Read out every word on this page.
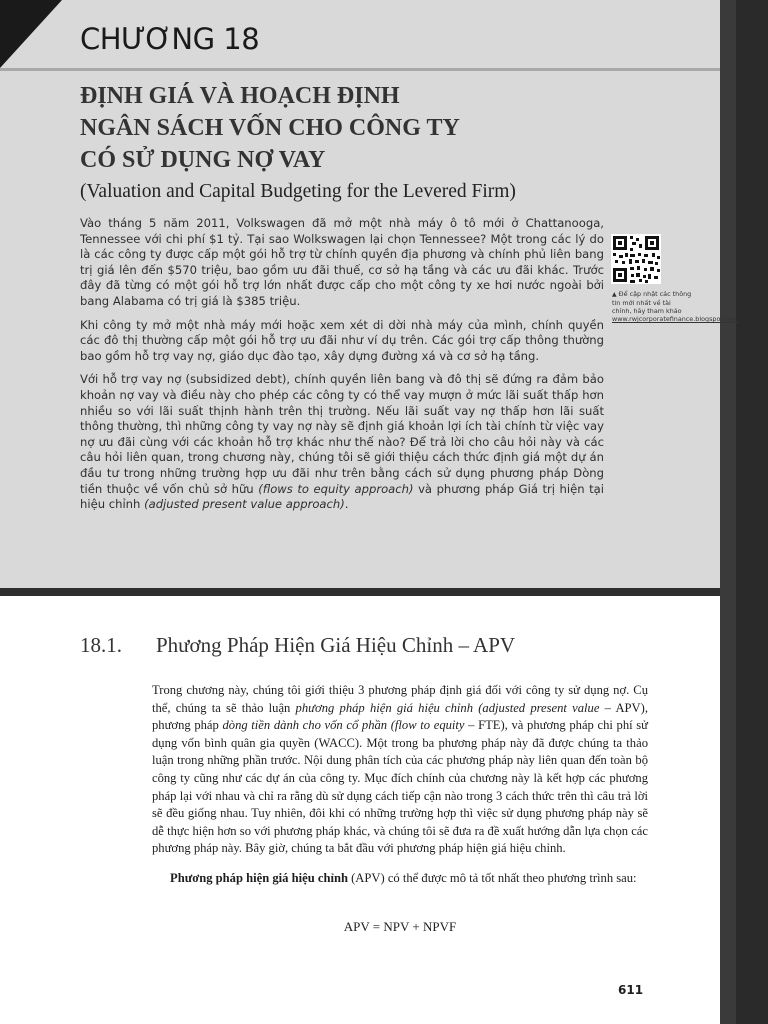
CHƯƠNG 18
ĐỊNH GIÁ VÀ HOẠCH ĐỊNH
NGÂN SÁCH VỐN CHO CÔNG TY
CÓ SỬ DỤNG NỢ VAY
(Valuation and Capital Budgeting for the Levered Firm)

Vào tháng 5 năm 2011, Volkswagen đã mở một nhà máy ô tô mới ở Chattanooga, Tennessee với chi phí $1 tỷ. Tại sao Wolkswagen lại chọn Tennessee? Một trong các lý do là các công ty được cấp một gói hỗ trợ từ chính quyền địa phương và chính phủ liên bang trị giá lên đến $570 triệu, bao gồm ưu đãi thuế, cơ sở hạ tầng và các ưu đãi khác. Trước đây đã từng có một gói hỗ trợ lớn nhất được cấp cho một công ty xe hơi nước ngoài bởi bang Alabama có trị giá là $385 triệu.

Khi công ty mở một nhà máy mới hoặc xem xét di dời nhà máy của mình, chính quyền các đô thị thường cấp một gói hỗ trợ ưu đãi như ví dụ trên. Các gói trợ cấp thông thường bao gồm hỗ trợ vay nợ, giáo dục đào tạo, xây dựng đường xá và cơ sở hạ tầng.

Với hỗ trợ vay nợ (subsidized debt), chính quyền liên bang và đô thị sẽ đứng ra đảm bảo khoản nợ vay và điều này cho phép các công ty có thể vay mượn ở mức lãi suất thấp hơn nhiều so với lãi suất thịnh hành trên thị trường. Nếu lãi suất vay nợ thấp hơn lãi suất thông thường, thì những công ty vay nợ này sẽ định giá khoản lợi ích tài chính từ việc vay nợ ưu đãi cùng với các khoản hỗ trợ khác như thế nào? Để trả lời cho câu hỏi này và các câu hỏi liên quan, trong chương này, chúng tôi sẽ giới thiệu cách thức định giá một dự án đầu tư trong những trường hợp ưu đãi như trên bằng cách sử dụng phương pháp Dòng tiền thuộc về vốn chủ sở hữu (flows to equity approach) và phương pháp Giá trị hiện tại hiệu chỉnh (adjusted present value approach).

▲ Để cập nhật các thông tin mới nhất về tài chính, hãy tham khảo www.rwjcorporatefinance.blogspot.com
18.1. Phương Pháp Hiện Giá Hiệu Chỉnh – APV

Trong chương này, chúng tôi giới thiệu 3 phương pháp định giá đối với công ty sử dụng nợ. Cụ thể, chúng ta sẽ thảo luận phương pháp hiện giá hiệu chỉnh (adjusted present value – APV), phương pháp dòng tiền dành cho vốn cổ phần (flow to equity – FTE), và phương pháp chi phí sử dụng vốn bình quân gia quyền (WACC). Một trong ba phương pháp này đã được chúng ta thảo luận trong những phần trước. Nội dung phân tích của các phương pháp này liên quan đến toàn bộ công ty cũng như các dự án của công ty. Mục đích chính của chương này là kết hợp các phương pháp lại với nhau và chỉ ra rằng dù sử dụng cách tiếp cận nào trong 3 cách thức trên thì câu trả lời sẽ đều giống nhau. Tuy nhiên, đôi khi có những trường hợp thì việc sử dụng phương pháp này sẽ dễ thực hiện hơn so với phương pháp khác, và chúng tôi sẽ đưa ra đề xuất hướng dẫn lựa chọn các phương pháp này. Bây giờ, chúng ta bắt đầu với phương pháp hiện giá hiệu chỉnh.

Phương pháp hiện giá hiệu chỉnh (APV) có thể được mô tả tốt nhất theo phương trình sau:

APV = NPV + NPVF
611
